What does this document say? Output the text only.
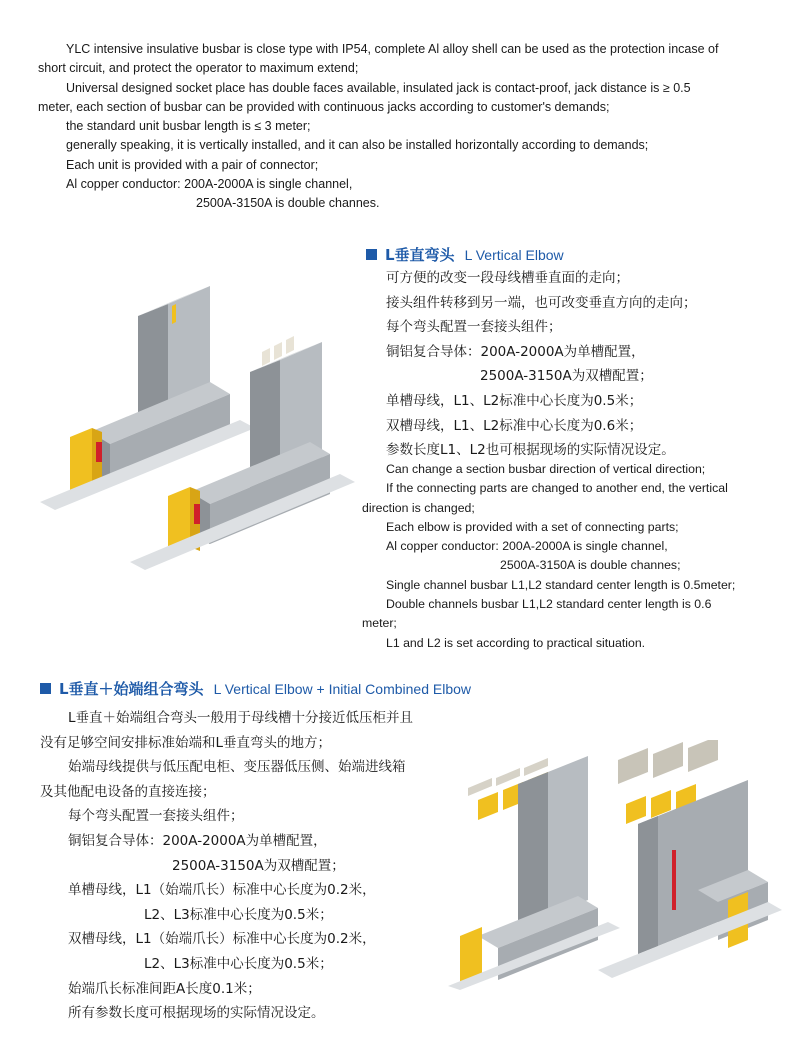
YLC intensive insulative busbar is close type with IP54, complete Al alloy shell can be used as the protection incase of

short circuit, and protect the operator to maximum extend;

Universal designed socket place has double faces available, insulated jack is contact-proof, jack distance is ≥ 0.5

meter, each section of busbar can be provided with continuous jacks according to customer's demands;

the standard unit busbar length is ≤ 3 meter;

generally speaking, it is vertically installed, and it can also be installed horizontally according to demands;

Each unit is provided with a pair of connector;

Al copper conductor: 200A-2000A is single channel,

2500A-3150A is double channes.

L垂直弯头 L Vertical Elbow

可方便的改变一段母线槽垂直面的走向；

接头组件转移到另一端，也可改变垂直方向的走向；

每个弯头配置一套接头组件；

铜铝复合导体：200A-2000A为单槽配置，

2500A-3150A为双槽配置；

单槽母线，L1、L2标准中心长度为0.5米；

双槽母线，L1、L2标准中心长度为0.6米；

参数长度L1、L2也可根据现场的实际情况设定。

Can change a section busbar direction of vertical direction;

If the connecting parts are changed to another end, the vertical

direction is changed;

Each elbow is provided with a set of connecting parts;

Al copper conductor: 200A-2000A is single channel,

2500A-3150A is double channes;

Single channel busbar L1,L2 standard center length is 0.5meter;

Double channels busbar L1,L2 standard center length is 0.6

meter;

L1 and L2 is set according to practical situation.

L垂直＋始端组合弯头 L Vertical Elbow + Initial Combined Elbow

L垂直＋始端组合弯头一般用于母线槽十分接近低压柜并且

没有足够空间安排标准始端和L垂直弯头的地方；

始端母线提供与低压配电柜、变压器低压侧、始端进线箱

及其他配电设备的直接连接；

每个弯头配置一套接头组件；

铜铝复合导体：200A-2000A为单槽配置，

2500A-3150A为双槽配置；

单槽母线，L1（始端爪长）标准中心长度为0.2米，

L2、L3标准中心长度为0.5米；

双槽母线，L1（始端爪长）标准中心长度为0.2米，

L2、L3标准中心长度为0.5米；

始端爪长标准间距A长度0.1米；

所有参数长度可根据现场的实际情况设定。
